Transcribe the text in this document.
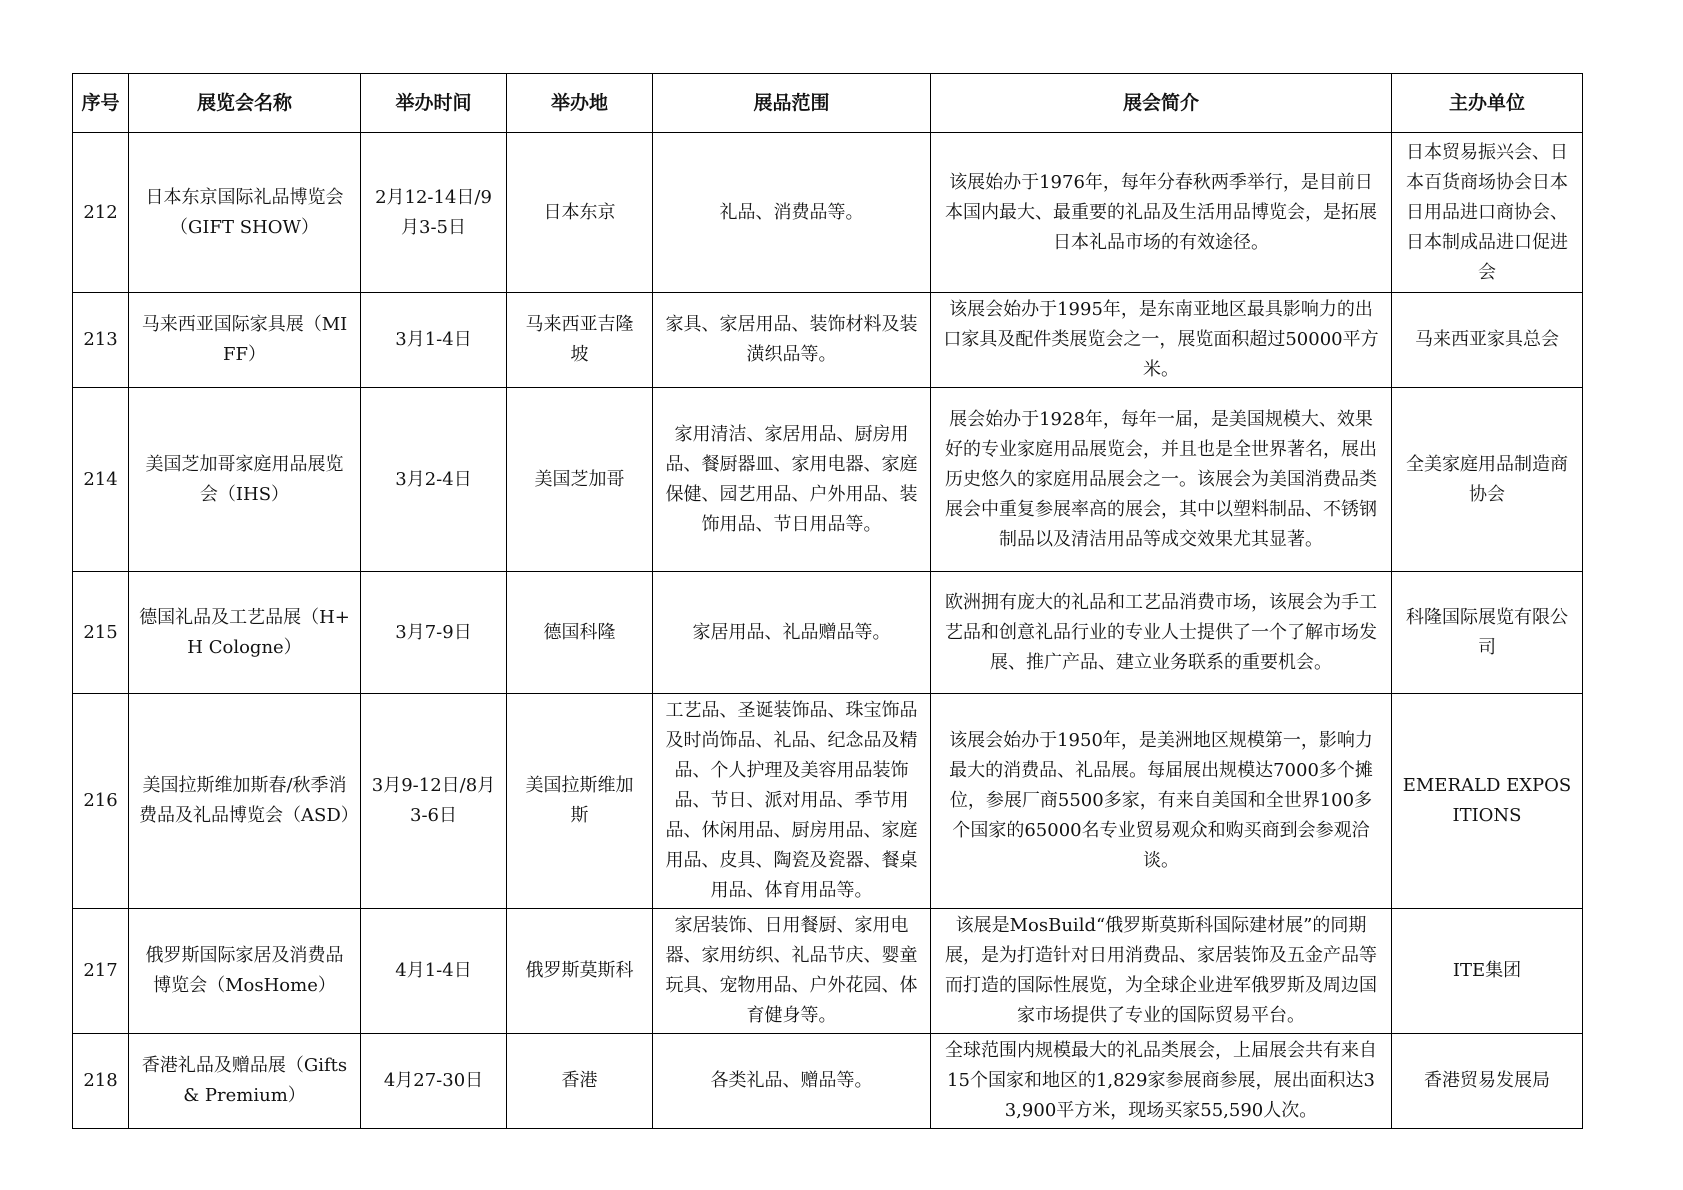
序号	展览会名称	举办时间	举办地	展品范围	展会简介	主办单位
212	日本东京国际礼品博览会（GIFT SHOW）	2月12-14日/9月3-5日	日本东京	礼品、消费品等。	该展始办于1976年，每年分春秋两季举行，是目前日本国内最大、最重要的礼品及生活用品博览会，是拓展日本礼品市场的有效途径。	日本贸易振兴会、日本百货商场协会日本日用品进口商协会、日本制成品进口促进会
213	马来西亚国际家具展（MIFF）	3月1-4日	马来西亚吉隆坡	家具、家居用品、装饰材料及装潢织品等。	该展会始办于1995年，是东南亚地区最具影响力的出口家具及配件类展览会之一，展览面积超过50000平方米。	马来西亚家具总会
214	美国芝加哥家庭用品展览会（IHS）	3月2-4日	美国芝加哥	家用清洁、家居用品、厨房用品、餐厨器皿、家用电器、家庭保健、园艺用品、户外用品、装饰用品、节日用品等。	展会始办于1928年，每年一届，是美国规模大、效果好的专业家庭用品展览会，并且也是全世界著名，展出历史悠久的家庭用品展会之一。该展会为美国消费品类展会中重复参展率高的展会，其中以塑料制品、不锈钢制品以及清洁用品等成交效果尤其显著。	全美家庭用品制造商协会
215	德国礼品及工艺品展（H+H Cologne）	3月7-9日	德国科隆	家居用品、礼品赠品等。	欧洲拥有庞大的礼品和工艺品消费市场，该展会为手工艺品和创意礼品行业的专业人士提供了一个了解市场发展、推广产品、建立业务联系的重要机会。	科隆国际展览有限公司
216	美国拉斯维加斯春/秋季消费品及礼品博览会（ASD）	3月9-12日/8月3-6日	美国拉斯维加斯	工艺品、圣诞装饰品、珠宝饰品及时尚饰品、礼品、纪念品及精品、个人护理及美容用品装饰品、节日、派对用品、季节用品、休闲用品、厨房用品、家庭用品、皮具、陶瓷及瓷器、餐桌用品、体育用品等。	该展会始办于1950年，是美洲地区规模第一，影响力最大的消费品、礼品展。每届展出规模达7000多个摊位，参展厂商5500多家，有来自美国和全世界100多个国家的65000名专业贸易观众和购买商到会参观洽谈。	EMERALD EXPOSITIONS
217	俄罗斯国际家居及消费品博览会（MosHome）	4月1-4日	俄罗斯莫斯科	家居装饰、日用餐厨、家用电器、家用纺织、礼品节庆、婴童玩具、宠物用品、户外花园、体育健身等。	该展是MosBuild“俄罗斯莫斯科国际建材展”的同期展，是为打造针对日用消费品、家居装饰及五金产品等而打造的国际性展览，为全球企业进军俄罗斯及周边国家市场提供了专业的国际贸易平台。	ITE集团
218	香港礼品及赠品展（Gifts & Premium）	4月27-30日	香港	各类礼品、赠品等。	全球范围内规模最大的礼品类展会，上届展会共有来自15个国家和地区的1,829家参展商参展，展出面积达33,900平方米，现场买家55,590人次。	香港贸易发展局
